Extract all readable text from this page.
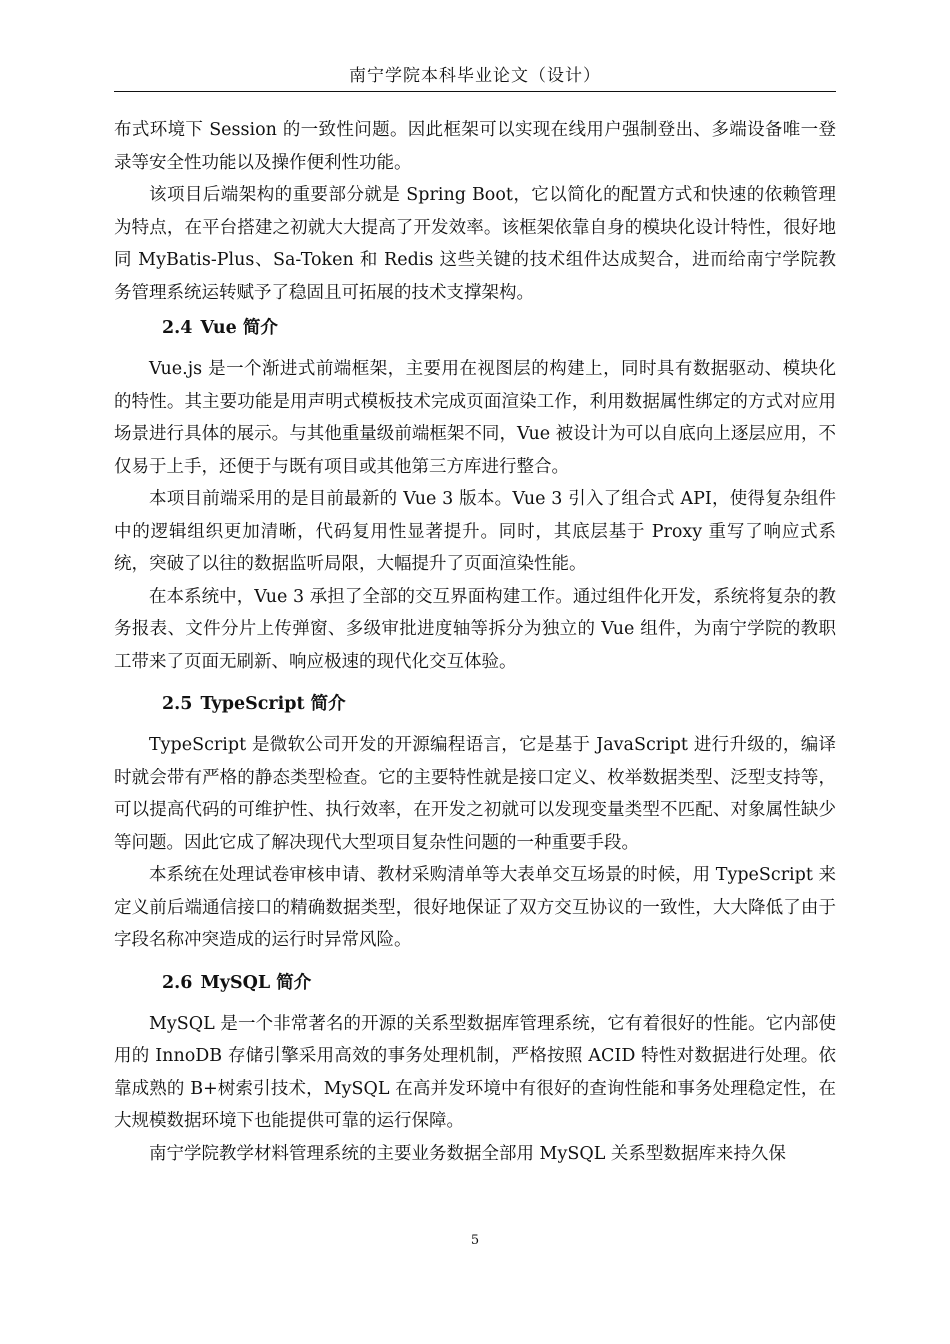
南宁学院本科毕业论文（设计）

布式环境下 Session 的一致性问题。因此框架可以实现在线用户强制登出、多端设备唯一登录等安全性功能以及操作便利性功能。

该项目后端架构的重要部分就是 Spring Boot，它以简化的配置方式和快速的依赖管理为特点，在平台搭建之初就大大提高了开发效率。该框架依靠自身的模块化设计特性，很好地同 MyBatis-Plus、Sa-Token 和 Redis 这些关键的技术组件达成契合，进而给南宁学院教务管理系统运转赋予了稳固且可拓展的技术支撑架构。

2.4 Vue 简介

Vue.js 是一个渐进式前端框架，主要用在视图层的构建上，同时具有数据驱动、模块化的特性。其主要功能是用声明式模板技术完成页面渲染工作，利用数据属性绑定的方式对应用场景进行具体的展示。与其他重量级前端框架不同，Vue 被设计为可以自底向上逐层应用，不仅易于上手，还便于与既有项目或其他第三方库进行整合。

本项目前端采用的是目前最新的 Vue 3 版本。Vue 3 引入了组合式 API，使得复杂组件中的逻辑组织更加清晰，代码复用性显著提升。同时，其底层基于 Proxy 重写了响应式系统，突破了以往的数据监听局限，大幅提升了页面渲染性能。

在本系统中，Vue 3 承担了全部的交互界面构建工作。通过组件化开发，系统将复杂的教务报表、文件分片上传弹窗、多级审批进度轴等拆分为独立的 Vue 组件，为南宁学院的教职工带来了页面无刷新、响应极速的现代化交互体验。

2.5 TypeScript 简介

TypeScript 是微软公司开发的开源编程语言，它是基于 JavaScript 进行升级的，编译时就会带有严格的静态类型检查。它的主要特性就是接口定义、枚举数据类型、泛型支持等，可以提高代码的可维护性、执行效率，在开发之初就可以发现变量类型不匹配、对象属性缺少等问题。因此它成了解决现代大型项目复杂性问题的一种重要手段。

本系统在处理试卷审核申请、教材采购清单等大表单交互场景的时候，用 TypeScript 来定义前后端通信接口的精确数据类型，很好地保证了双方交互协议的一致性，大大降低了由于字段名称冲突造成的运行时异常风险。

2.6 MySQL 简介

MySQL 是一个非常著名的开源的关系型数据库管理系统，它有着很好的性能。它内部使用的 InnoDB 存储引擎采用高效的事务处理机制，严格按照 ACID 特性对数据进行处理。依靠成熟的 B+树索引技术，MySQL 在高并发环境中有很好的查询性能和事务处理稳定性，在大规模数据环境下也能提供可靠的运行保障。

南宁学院教学材料管理系统的主要业务数据全部用 MySQL 关系型数据库来持久保

5
